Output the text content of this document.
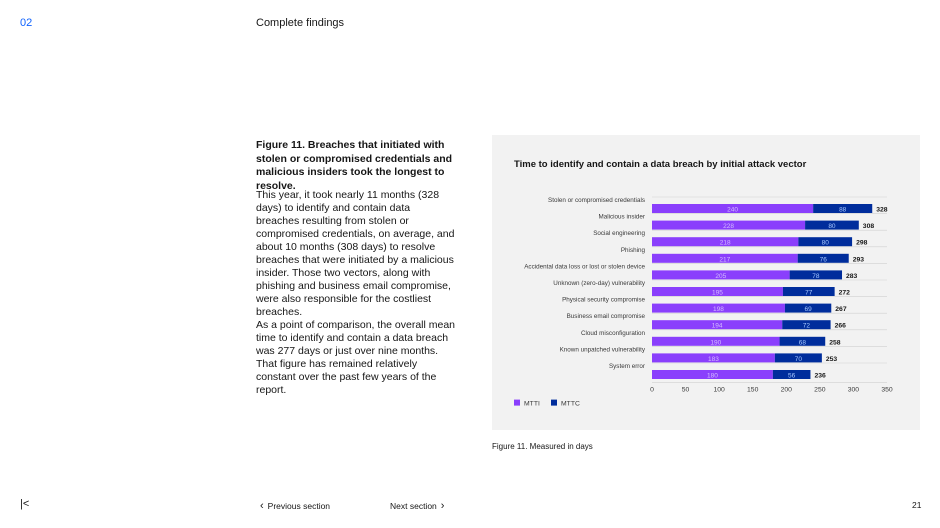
02	Complete findings
Figure 11. Breaches that initiated with stolen or compromised credentials and malicious insiders took the longest to resolve.
This year, it took nearly 11 months (328 days) to identify and contain data breaches resulting from stolen or compromised credentials, on average, and about 10 months (308 days) to resolve breaches that were initiated by a malicious insider. Those two vectors, along with phishing and business email compromise, were also responsible for the costliest breaches.
As a point of comparison, the overall mean time to identify and contain a data breach was 277 days or just over nine months. That figure has remained relatively constant over the past few years of the report.
Time to identify and contain a data breach by initial attack vector
Stolen or compromised credentials
240	88	328
Malicious insider
228	80	308
Social engineering
218	80	298
Phishing
217	76	293
Accidental data loss or lost or stolen device
205	78	283
Unknown (zero-day) vulnerability
195	77	272
Physical security compromise
198	69	267
Business email compromise
194	72	266
Cloud misconfiguration
190	68	258
Known unpatched vulnerability
183	70	253
System error
180	56	236
0	50	100	150	200	250	300	350
MTTI	MTTC
Figure 11. Measured in days
|<	‹ Previous section	Next section ›	21
